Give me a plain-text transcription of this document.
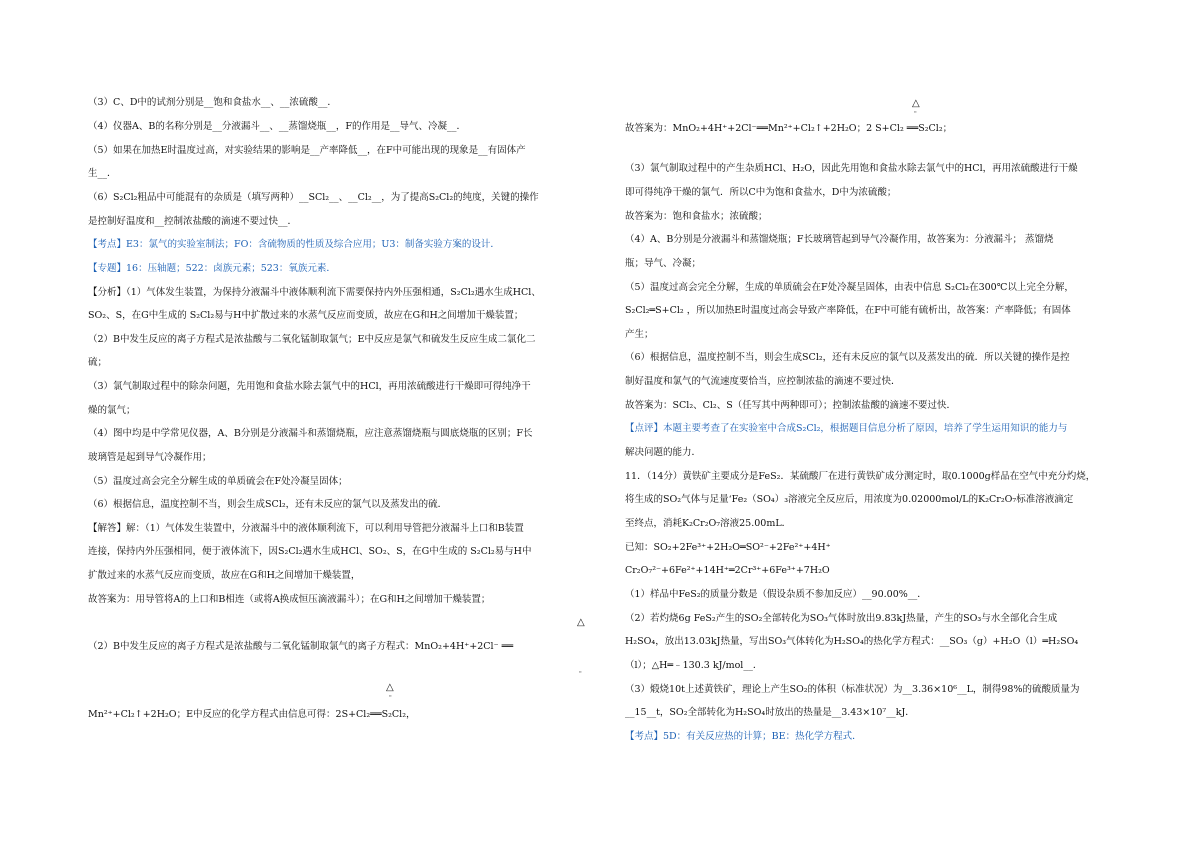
（3）C、D中的试剂分别是__饱和食盐水__、__浓硫酸__．
（4）仪器A、B的名称分别是__分液漏斗__、__蒸馏烧瓶__，F的作用是__导气、冷凝__．
（5）如果在加热E时温度过高，对实验结果的影响是__产率降低__，在F中可能出现的现象是__有固体产
生__．
（6）S₂Cl₂粗品中可能混有的杂质是（填写两种）__SCl₂__、__Cl₂__，为了提高S₂Cl₂的纯度，关键的操作
是控制好温度和__控制浓盐酸的滴速不要过快__．
【考点】E3：氯气的实验室制法；FO：含硫物质的性质及综合应用；U3：制备实验方案的设计．
【专题】16：压轴题；522：卤族元素；523：氧族元素．
【分析】（1）气体发生装置，为保持分液漏斗中液体顺利流下需要保持内外压强相通，S₂Cl₂遇水生成HCl、
SO₂、S，在G中生成的 S₂Cl₂易与H中扩散过来的水蒸气反应而变质，故应在G和H之间增加干燥装置；
（2）B中发生反应的离子方程式是浓盐酸与二氧化锰制取氯气；E中反应是氯气和硫发生反应生成二氯化二
硫；
（3）氯气制取过程中的除杂问题，先用饱和食盐水除去氯气中的HCl，再用浓硫酸进行干燥即可得纯净干
燥的氯气；
（4）图中均是中学常见仪器，A、B分别是分液漏斗和蒸馏烧瓶，应注意蒸馏烧瓶与圆底烧瓶的区别；F长
玻璃管是起到导气冷凝作用；
（5）温度过高会完全分解生成的单质硫会在F处冷凝呈固体；
（6）根据信息，温度控制不当，则会生成SCl₂，还有未反应的氯气以及蒸发出的硫．
【解答】解：（1）气体发生装置中，分液漏斗中的液体顺利流下，可以利用导管把分液漏斗上口和B装置
连接，保持内外压强相同，便于液体流下，因S₂Cl₂遇水生成HCl、SO₂、S，在G中生成的 S₂Cl₂易与H中
扩散过来的水蒸气反应而变质，故应在G和H之间增加干燥装置，
故答案为：用导管将A的上口和B相连（或将A换成恒压滴液漏斗）；在G和H之间增加干燥装置；
（2）B中发生反应的离子方程式是浓盐酸与二氧化锰制取氯气的离子方程式：MnO₂+4H⁺+2Cl⁻ ══
Mn²⁺+Cl₂↑+2H₂O；E中反应的化学方程式由信息可得：2S+Cl₂══S₂Cl₂，
故答案为：MnO₂+4H⁺+2Cl⁻══Mn²⁺+Cl₂↑+2H₂O；2 S+Cl₂ ══S₂Cl₂；
（3）氯气制取过程中的产生杂质HCl、H₂O，因此先用饱和食盐水除去氯气中的HCl，再用浓硫酸进行干燥
即可得纯净干燥的氯气．所以C中为饱和食盐水，D中为浓硫酸；
故答案为：饱和食盐水；浓硫酸；
（4）A、B分别是分液漏斗和蒸馏烧瓶；F长玻璃管起到导气冷凝作用，故答案为：分液漏斗； 蒸馏烧
瓶；导气、冷凝；
（5）温度过高会完全分解，生成的单质硫会在F处冷凝呈固体，由表中信息 S₂Cl₂在300℃以上完全分解，
S₂Cl₂═S+Cl₂ ，所以加热E时温度过高会导致产率降低，在F中可能有硫析出，故答案：产率降低；有固体
产生；
（6）根据信息，温度控制不当，则会生成SCl₂，还有未反应的氯气以及蒸发出的硫．所以关键的操作是控
制好温度和氯气的气流速度要恰当，应控制浓盐的滴速不要过快．
故答案为：SCl₂、Cl₂、S（任写其中两种即可）；控制浓盐酸的滴速不要过快．
【点评】本题主要考查了在实验室中合成S₂Cl₂，根据题目信息分析了原因，培养了学生运用知识的能力与
解决问题的能力．
11．（14分）黄铁矿主要成分是FeS₂．某硫酸厂在进行黄铁矿成分测定时，取0.1000g样品在空气中充分灼烧，
将生成的SO₂气体与足量‘Fe₂（SO₄）₃溶液完全反应后，用浓度为0.02000mol/L的K₂Cr₂O₇标准溶液滴定
至终点，消耗K₂Cr₂O₇溶液25.00mL．
已知：SO₂+2Fe³⁺+2H₂O═SO²⁻+2Fe²⁺+4H⁺
Cr₂O₇²⁻+6Fe²⁺+14H⁺═2Cr³⁺+6Fe³⁺+7H₂O
（1）样品中FeS₂的质量分数是（假设杂质不参加反应）__90.00%__．
（2）若灼烧6g FeS₂产生的SO₂全部转化为SO₃气体时放出9.83kJ热量，产生的SO₃与水全部化合生成
H₂SO₄，放出13.03kJ热量，写出SO₃气体转化为H₂SO₄的热化学方程式：__SO₃（g）+H₂O（l）═H₂SO₄
（l）；△H═﹣130.3 kJ/mol__．
（3）煅烧10t上述黄铁矿，理论上产生SO₂的体积（标准状况）为__3.36×10⁶__L，制得98%的硫酸质量为
__15__t，SO₂全部转化为H₂SO₄时放出的热量是__3.43×10⁷__kJ．
【考点】5D：有关反应热的计算；BE：热化学方程式．
△
"
△
"
△
"
